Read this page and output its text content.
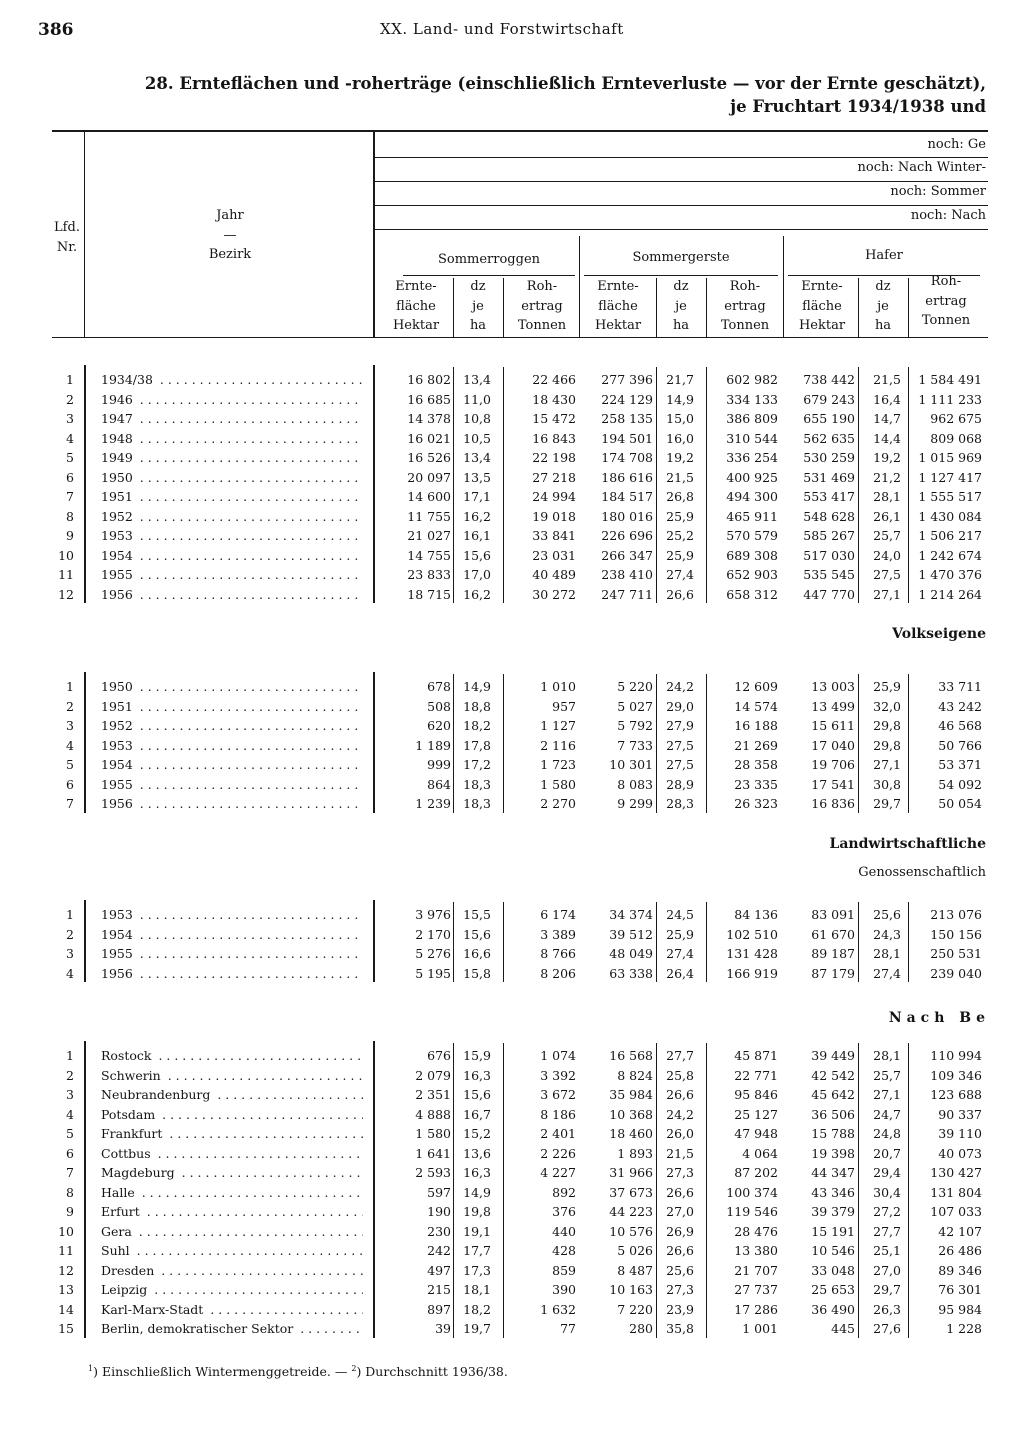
386	XX. Land- und Forstwirtschaft
28. Ernteflächen und -roherträge (einschließlich Ernteverluste — vor der Ernte geschätzt),
je Fruchtart 1934/1938 und
Lfd.
Nr.
Jahr
—
Bezirk
noch: Ge
noch: Nach Winter-
noch: Sommer
noch: Nach
Sommerroggen	Sommergerste	Hafer
Ernte-
fläche
Hektar
dz
je
ha
Roh-
ertrag
Tonnen
Ernte-
fläche
Hektar
dz
je
ha
Roh-
ertrag
Tonnen
Ernte-
fläche
Hektar
dz
je
ha
Roh-
ertrag
Tonnen
Volkseigene
Landwirtschaftliche
Genossenschaftlich
Nach Be
1 1934/38 . . .	16 802 13,4	22 466	277 396	21,7	602 982	738 442	21,5	1 584 491
2 1946 . . .	16 685 11,0	18 430	224 129	14,9	334 133	679 243	16,4	1 111 233
3 1947 . . .	14 378 10,8	15 472	258 135	15,0	386 809	655 190	14,7	962 675
4 1948 . . .	16 021 10,5	16 843	194 501	16,0	310 544	562 635	14,4	809 068
5 1949 . . .	16 526 13,4	22 198	174 708	19,2	336 254	530 259	19,2	1 015 969
6 1950 . . .	20 097 13,5	27 218	186 616	21,5	400 925	531 469	21,2	1 127 417
7 1951 . . .	14 600 17,1	24 994	184 517	26,8	494 300	553 417	28,1	1 555 517
8 1952 . . .	11 755 16,2	19 018	180 016	25,9	465 911	548 628	26,1	1 430 084
9 1953 . . .	21 027 16,1	33 841	226 696	25,2	570 579	585 267	25,7	1 506 217
10 1954 . . .	14 755 15,6	23 031	266 347	25,9	689 308	517 030	24,0	1 242 674
11 1955 . . .	23 833 17,0	40 489	238 410	27,4	652 903	535 545	27,5	1 470 376
12 1956 . . .	18 715 16,2	30 272	247 711	26,6	658 312	447 770	27,1	1 214 264
1 1950 . . .	678 14,9	1 010	5 220	24,2	12 609	13 003	25,9	33 711
2 1951 . . .	508 18,8	957	5 027	29,0	14 574	13 499	32,0	43 242
3 1952 . . .	620 18,2	1 127	5 792	27,9	16 188	15 611	29,8	46 568
4 1953 . . .	1 189 17,8	2 116	7 733	27,5	21 269	17 040	29,8	50 766
5 1954 . . .	999 17,2	1 723	10 301	27,5	28 358	19 706	27,1	53 371
6 1955 . . .	864 18,3	1 580	8 083	28,9	23 335	17 541	30,8	54 092
7 1956 . . .	1 239 18,3	2 270	9 299	28,3	26 323	16 836	29,7	50 054
1 1953 . . .	3 976 15,5	6 174	34 374	24,5	84 136	83 091	25,6	213 076
2 1954 . . .	2 170 15,6	3 389	39 512	25,9	102 510	61 670	24,3	150 156
3 1955 . . .	5 276 16,6	8 766	48 049	27,4	131 428	89 187	28,1	250 531
4 1956 . . .	5 195 15,8	8 206	63 338	26,4	166 919	87 179	27,4	239 040
1 Rostock . . .	676 15,9	1 074	16 568	27,7	45 871	39 449	28,1	110 994
2 Schwerin . . .	2 079 16,3	3 392	8 824	25,8	22 771	42 542	25,7	109 346
3 Neubrandenburg . . .	2 351 15,6	3 672	35 984	26,6	95 846	45 642	27,1	123 688
4 Potsdam . . .	4 888 16,7	8 186	10 368	24,2	25 127	36 506	24,7	90 337
5 Frankfurt . . .	1 580 15,2	2 401	18 460	26,0	47 948	15 788	24,8	39 110
6 Cottbus . . .	1 641 13,6	2 226	1 893	21,5	4 064	19 398	20,7	40 073
7 Magdeburg . . .	2 593 16,3	4 227	31 966	27,3	87 202	44 347	29,4	130 427
8 Halle . . .	597 14,9	892	37 673	26,6	100 374	43 346	30,4	131 804
9 Erfurt . . .	190 19,8	376	44 223	27,0	119 546	39 379	27,2	107 033
10 Gera . . .	230 19,1	440	10 576	26,9	28 476	15 191	27,7	42 107
11 Suhl . . .	242 17,7	428	5 026	26,6	13 380	10 546	25,1	26 486
12 Dresden . . .	497 17,3	859	8 487	25,6	21 707	33 048	27,0	89 346
13 Leipzig . . .	215 18,1	390	10 163	27,3	27 737	25 653	29,7	76 301
14 Karl-Marx-Stadt . . .	897 18,2	1 632	7 220	23,9	17 286	36 490	26,3	95 984
15 Berlin, demokratischer Sektor . . .	39 19,7	77	280	35,8	1 001	445	27,6	1 228
$^1$) Einschließlich Wintermenggetreide. — $^2$) Durchschnitt 1936/38.
